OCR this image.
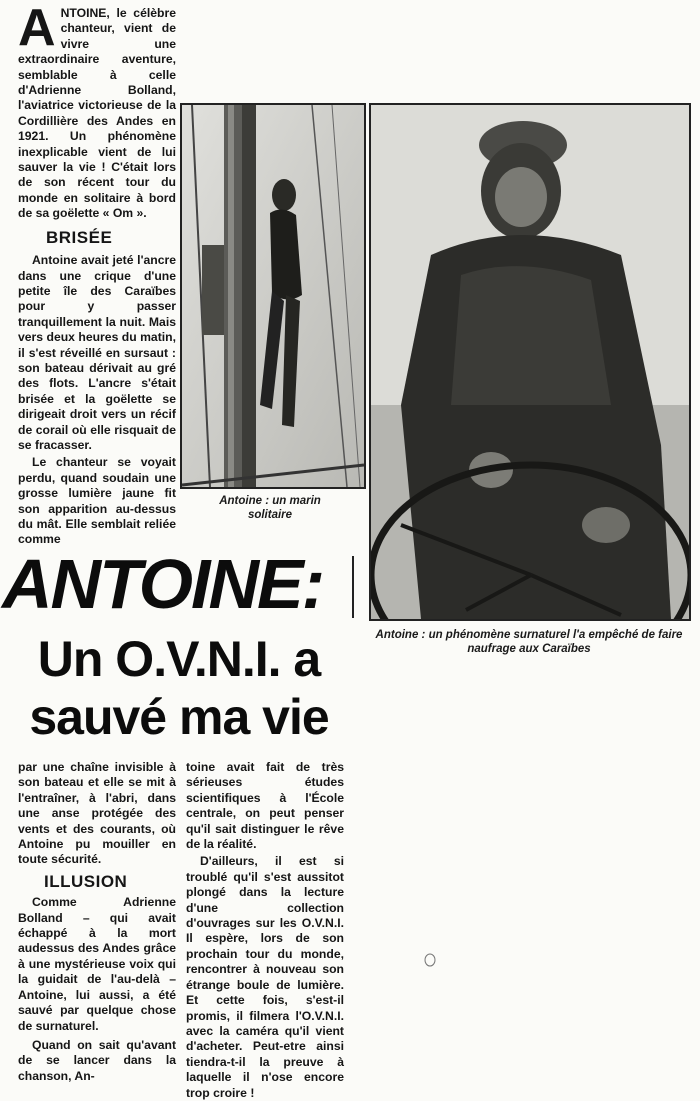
A NTOINE, le célèbre chanteur, vient de vivre une extraordinaire aventure, semblable à celle d'Adrienne Bolland, l'aviatrice victorieuse de la Cordillière des Andes en 1921. Un phénomène inexplicable vient de lui sauver la vie ! C'était lors de son récent tour du monde en solitaire à bord de sa goëlette « Om ».

BRISÉE

Antoine avait jeté l'ancre dans une crique d'une petite île des Caraïbes pour y passer tranquillement la nuit. Mais vers deux heures du matin, il s'est réveillé en sursaut : son bateau dérivait au gré des flots. L'ancre s'était brisée et la goëlette se dirigeait droit vers un récif de corail où elle risquait de se fracasser.

Le chanteur se voyait perdu, quand soudain une grosse lumière jaune fit son apparition au-dessus du mât. Elle semblait reliée comme

Antoine : un marin solitaire
Antoine : un phénomène surnaturel l'a empêché de faire naufrage aux Caraïbes
ANTOINE:
Un O.V.N.I. a
sauvé ma vie

par une chaîne invisible à son bateau et elle se mit à l'entraîner, à l'abri, dans une anse protégée des vents et des courants, où Antoine pu mouiller en toute sécurité.

ILLUSION

Comme Adrienne Bolland – qui avait échappé à la mort audessus des Andes grâce à une mystérieuse voix qui la guidait de l'au-delà – Antoine, lui aussi, a été sauvé par quelque chose de surnaturel.

Quand on sait qu'avant de se lancer dans la chanson, An-

toine avait fait de très sérieuses études scientifiques à l'École centrale, on peut penser qu'il sait distinguer le rêve de la réalité.

D'ailleurs, il est si troublé qu'il s'est aussitot plongé dans la lecture d'une collection d'ouvrages sur les O.V.N.I. Il espère, lors de son prochain tour du monde, rencontrer à nouveau son étrange boule de lumière. Et cette fois, s'est-il promis, il filmera l'O.V.N.I. avec la caméra qu'il vient d'acheter. Peut-etre ainsi tiendra-t-il la preuve à laquelle il n'ose encore trop croire !
